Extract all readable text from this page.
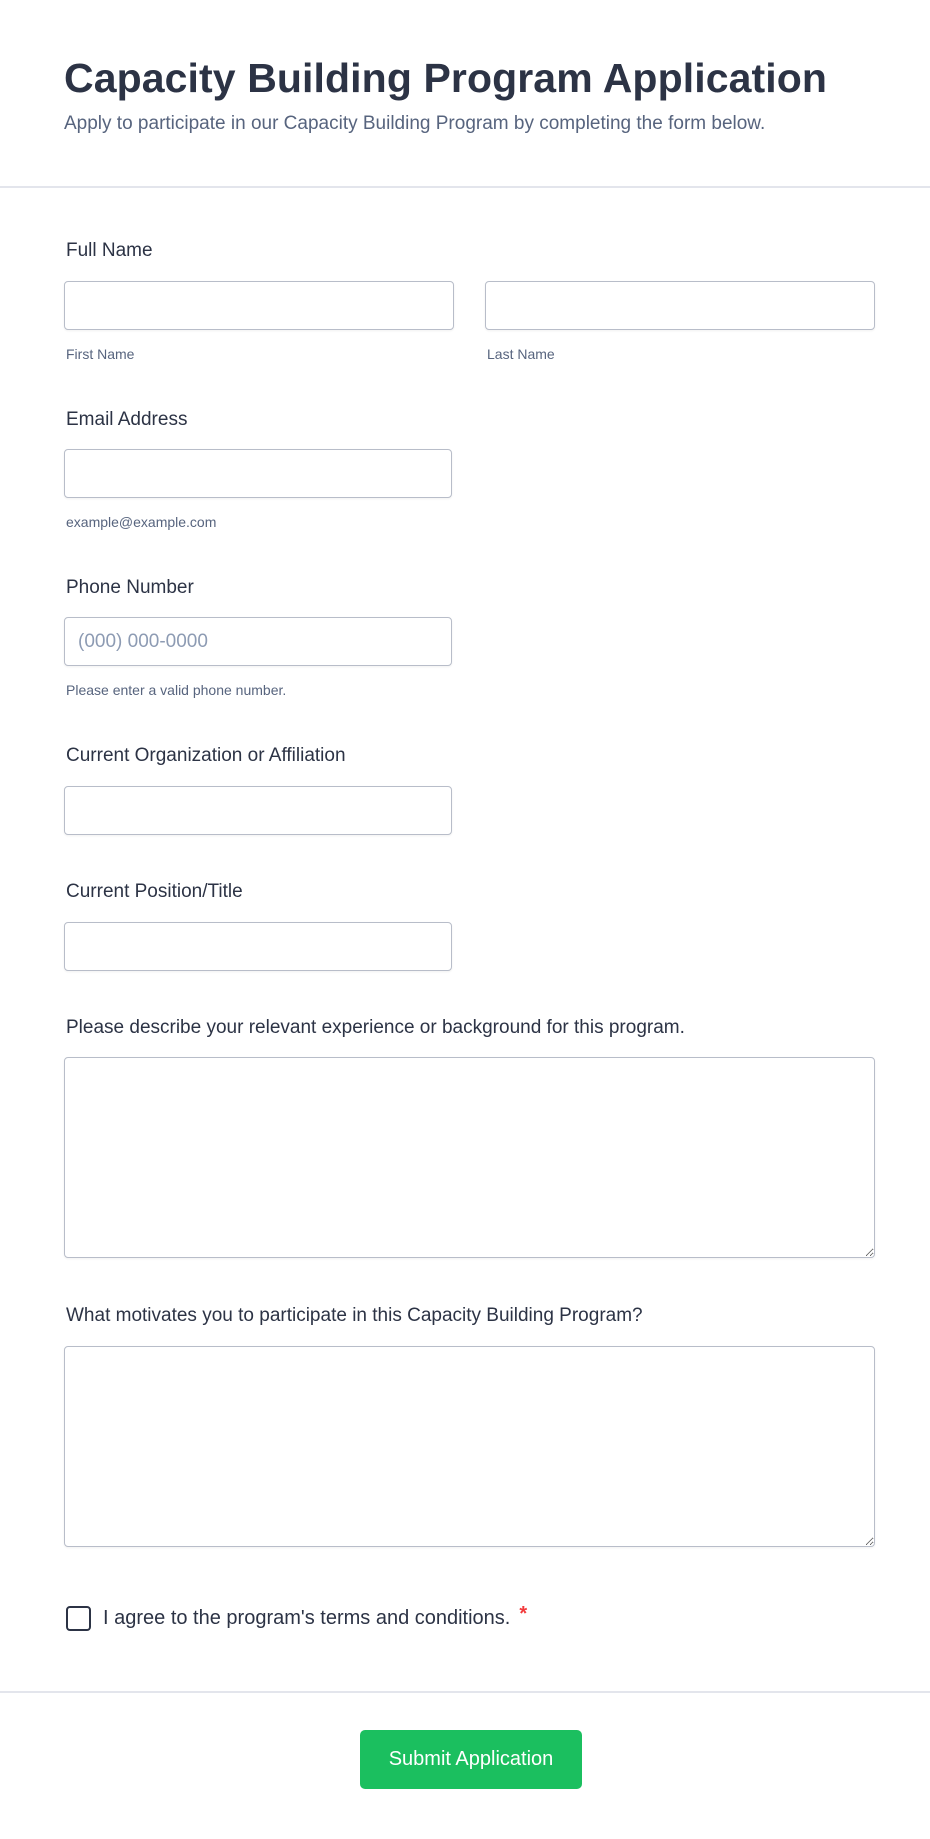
Capacity Building Program Application
Apply to participate in our Capacity Building Program by completing the form below.
Full Name
First Name	Last Name
Email Address
example@example.com
Phone Number
(000) 000-0000
Please enter a valid phone number.
Current Organization or Affiliation
Current Position/Title
Please describe your relevant experience or background for this program.
What motivates you to participate in this Capacity Building Program?
I agree to the program's terms and conditions. *
Submit Application
